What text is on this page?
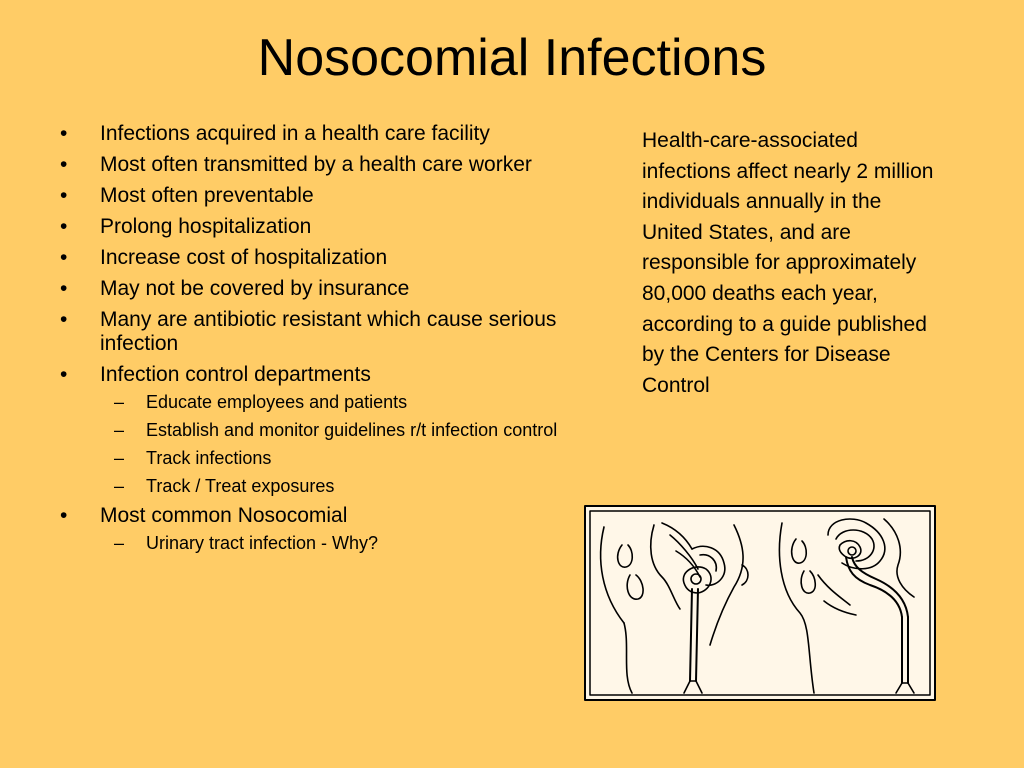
Nosocomial Infections
• Infections acquired in a health care facility
• Most often transmitted by a health care worker
• Most often preventable
• Prolong hospitalization
• Increase cost of hospitalization
• May not be covered by insurance
• Many are antibiotic resistant which cause serious infection
• Infection control departments
– Educate employees and patients
– Establish and monitor guidelines r/t infection control
– Track infections
– Track / Treat exposures
• Most common Nosocomial
– Urinary tract infection - Why?

Health-care-associated infections affect nearly 2 million individuals annually in the United States, and are responsible for approximately 80,000 deaths each year, according to a guide published by the Centers for Disease Control
